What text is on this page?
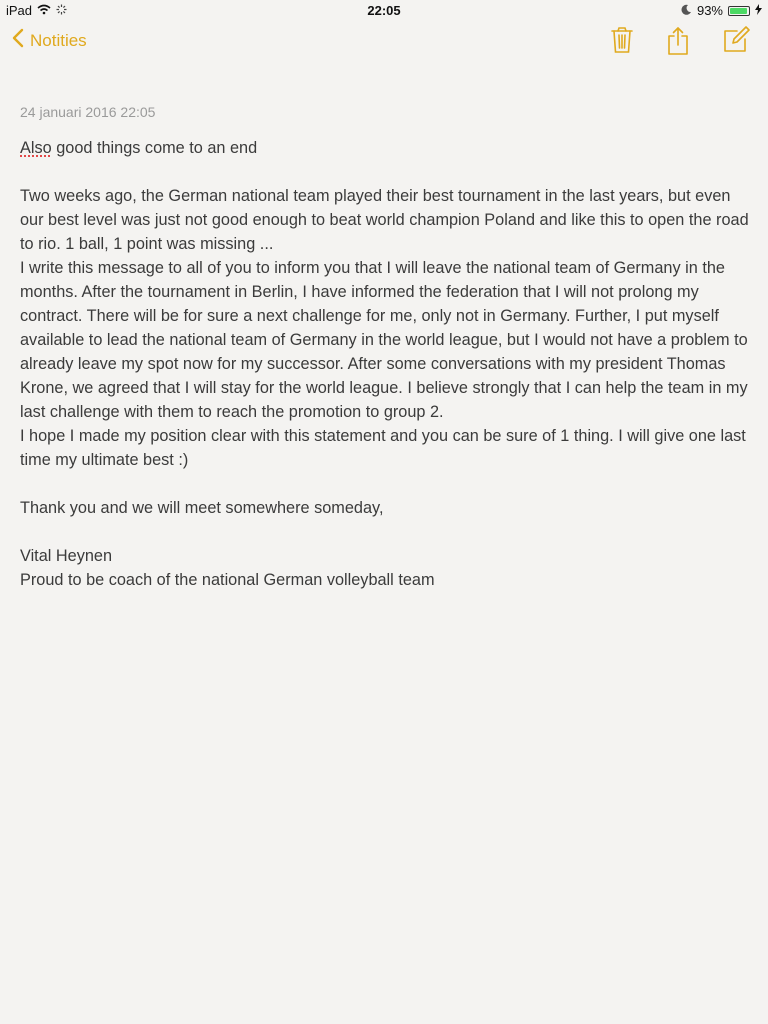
iPad	22:05	93%
Notities
24 januari 2016 22:05

Also good things come to an end

Two weeks ago, the German national team played their best tournament in the last years, but even our best level was just not good enough to beat world champion Poland and like this to open the road to rio. 1 ball, 1 point was missing ...

I write this message to all of you to inform you that I will leave the national team of Germany in the months. After the tournament in Berlin, I have informed the federation that I will not prolong my contract. There will be for sure a next challenge for me, only not in Germany. Further, I put myself available to lead the national team of Germany in the world league, but I would not have a problem to already leave my spot now for my successor. After some conversations with my president Thomas Krone, we agreed that I will stay for the world league. I believe strongly that I can help the team in my last challenge with them to reach the promotion to group 2.

I hope I made my position clear with this statement and you can be sure of 1 thing. I will give one last time my ultimate best :)

Thank you and we will meet somewhere someday,

Vital Heynen

Proud to be coach of the national German volleyball team
